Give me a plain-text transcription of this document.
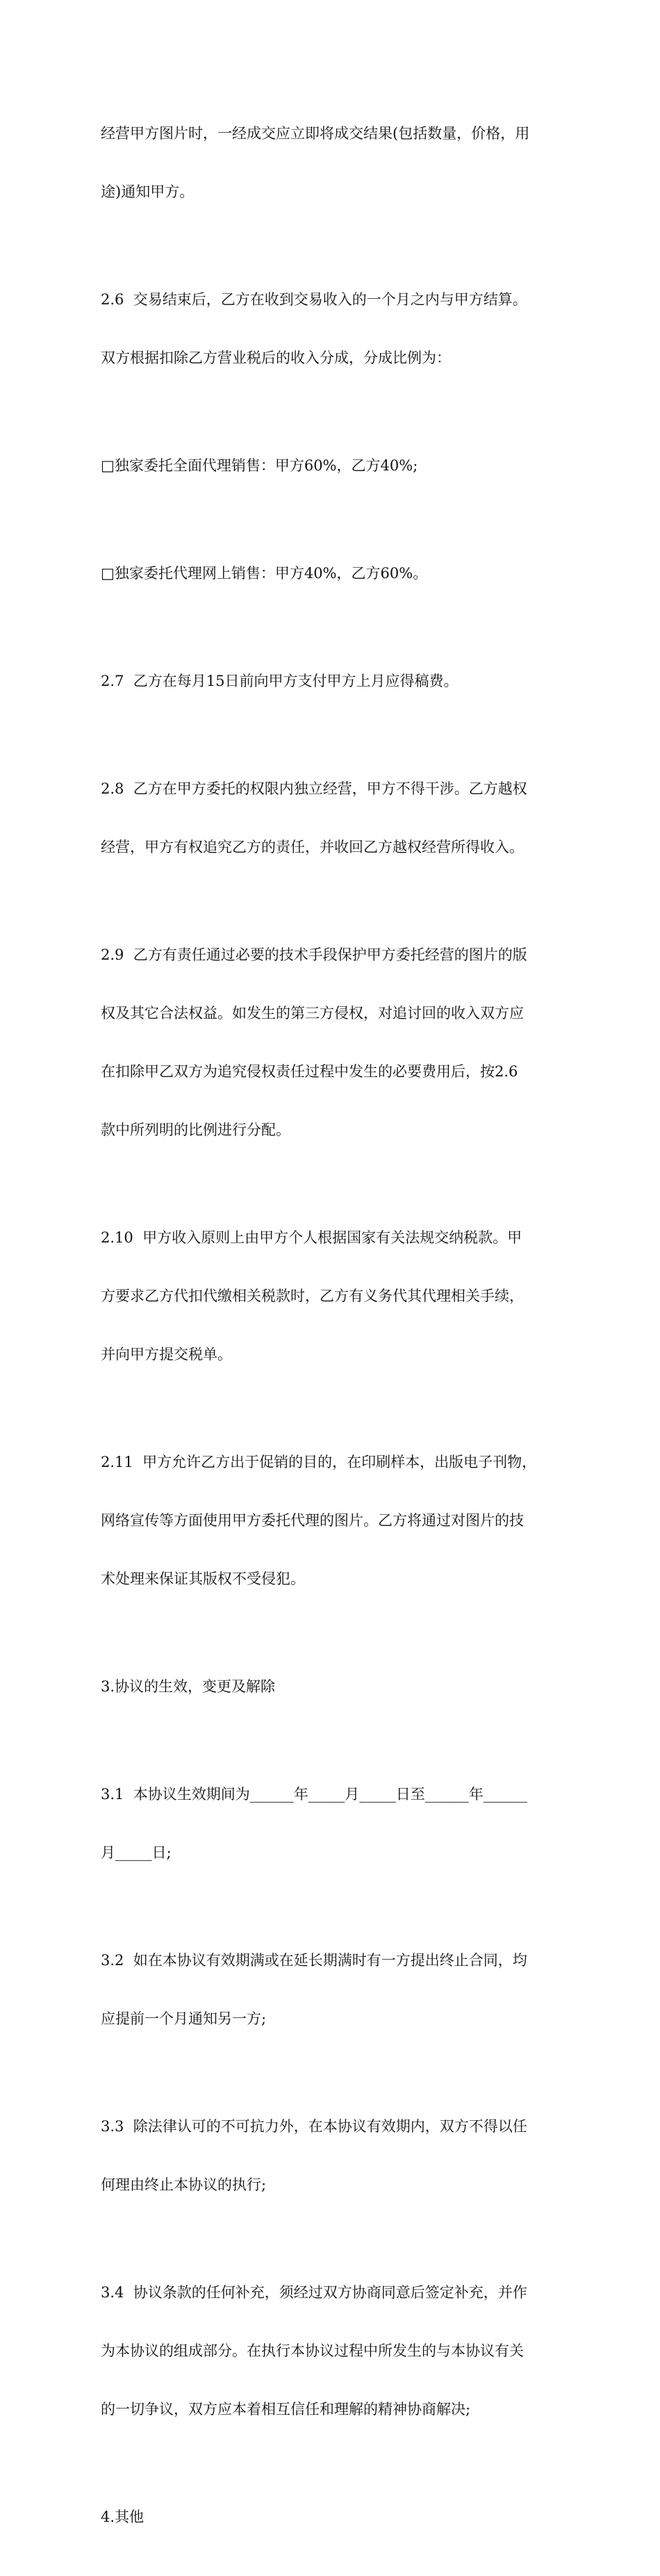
经营甲方图片时，一经成交应立即将成交结果(包括数量，价格，用

途)通知甲方。

2.6  交易结束后，乙方在收到交易收入的一个月之内与甲方结算。

双方根据扣除乙方营业税后的收入分成，分成比例为：

□独家委托全面代理销售：甲方60%，乙方40%;

□独家委托代理网上销售：甲方40%，乙方60%。

2.7  乙方在每月15日前向甲方支付甲方上月应得稿费。

2.8  乙方在甲方委托的权限内独立经营，甲方不得干涉。乙方越权

经营，甲方有权追究乙方的责任，并收回乙方越权经营所得收入。

2.9  乙方有责任通过必要的技术手段保护甲方委托经营的图片的版

权及其它合法权益。如发生的第三方侵权，对追讨回的收入双方应

在扣除甲乙双方为追究侵权责任过程中发生的必要费用后，按2.6

款中所列明的比例进行分配。

2.10  甲方收入原则上由甲方个人根据国家有关法规交纳税款。甲

方要求乙方代扣代缴相关税款时，乙方有义务代其代理相关手续，

并向甲方提交税单。

2.11  甲方允许乙方出于促销的目的，在印刷样本，出版电子刊物，

网络宣传等方面使用甲方委托代理的图片。乙方将通过对图片的技

术处理来保证其版权不受侵犯。

3.协议的生效，变更及解除

3.1  本协议生效期间为______年_____月_____日至______年______

月_____日;

3.2  如在本协议有效期满或在延长期满时有一方提出终止合同，均

应提前一个月通知另一方;

3.3  除法律认可的不可抗力外，在本协议有效期内，双方不得以任

何理由终止本协议的执行;

3.4  协议条款的任何补充，须经过双方协商同意后签定补充，并作

为本协议的组成部分。在执行本协议过程中所发生的与本协议有关

的一切争议，双方应本着相互信任和理解的精神协商解决;

4.其他
